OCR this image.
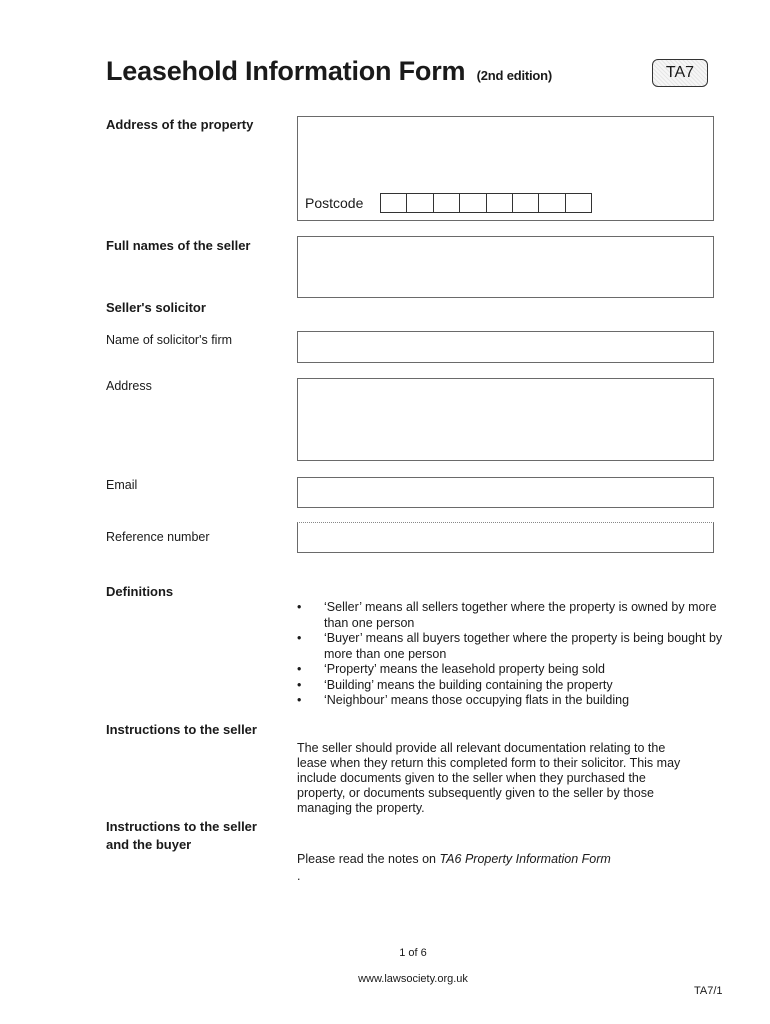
Leasehold Information Form (2nd edition)	TA7
Address of the property
Postcode
Full names of the seller
Seller's solicitor
Name of solicitor's firm
Address
Email
Reference number
Definitions
• ‘Seller’ means all sellers together where the property is owned by more than one person
• ‘Buyer’ means all buyers together where the property is being bought by more than one person
• ‘Property’ means the leasehold property being sold
• ‘Building’ means the building containing the property
• ‘Neighbour’ means those occupying flats in the building
Instructions to the seller
The seller should provide all relevant documentation relating to the lease when they return this completed form to their solicitor. This may include documents given to the seller when they purchased the property, or documents subsequently given to the seller by those managing the property.
Instructions to the seller
and the buyer
Please read the notes on TA6 Property Information Form
.
1 of 6
www.lawsociety.org.uk
TA7/1
